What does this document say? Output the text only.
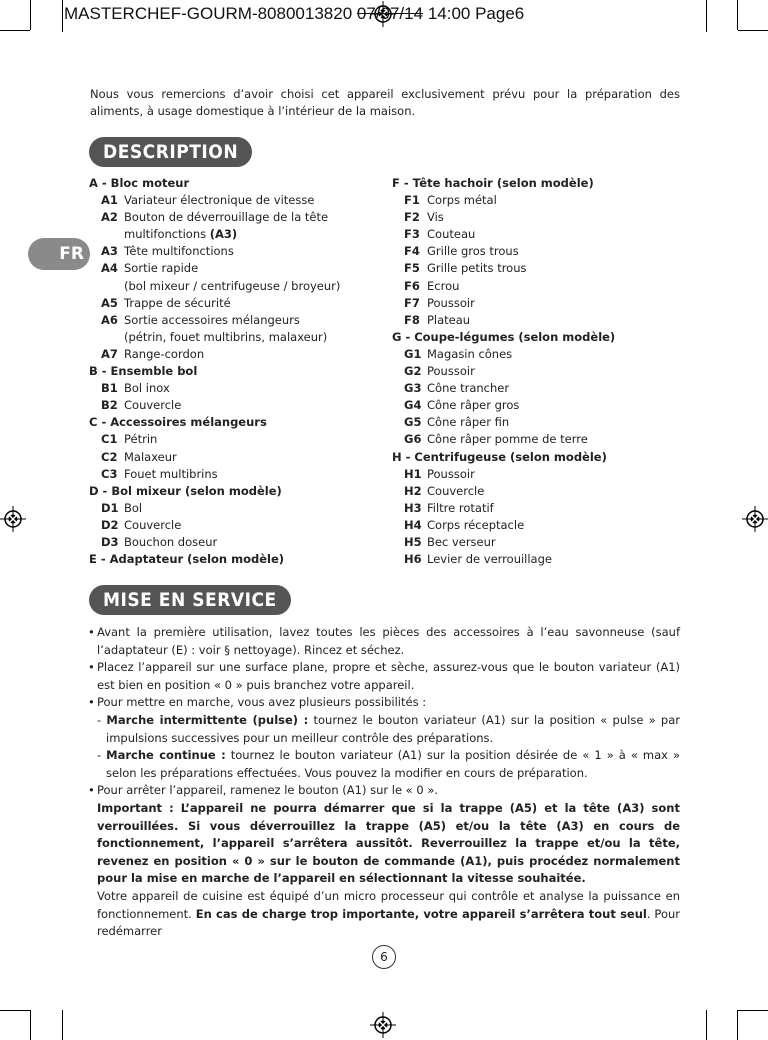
MASTERCHEF-GOURM-8080013820 07/07/14 14:00 Page6
Nous vous remercions d’avoir choisi cet appareil exclusivement prévu pour la préparation des aliments, à usage domestique à l’intérieur de la maison.
DESCRIPTION
FR
A - Bloc moteur
A1 Variateur électronique de vitesse
A2 Bouton de déverrouillage de la tête
multifonctions (A3)
A3 Tête multifonctions
A4 Sortie rapide
(bol mixeur / centrifugeuse / broyeur)
A5 Trappe de sécurité
A6 Sortie accessoires mélangeurs
(pétrin, fouet multibrins, malaxeur)
A7 Range-cordon
B - Ensemble bol
B1 Bol inox
B2 Couvercle
C - Accessoires mélangeurs
C1 Pétrin
C2 Malaxeur
C3 Fouet multibrins
D - Bol mixeur (selon modèle)
D1 Bol
D2 Couvercle
D3 Bouchon doseur
E - Adaptateur (selon modèle)
F - Tête hachoir (selon modèle)
F1 Corps métal
F2 Vis
F3 Couteau
F4 Grille gros trous
F5 Grille petits trous
F6 Ecrou
F7 Poussoir
F8 Plateau
G - Coupe-légumes (selon modèle)
G1 Magasin cônes
G2 Poussoir
G3 Cône trancher
G4 Cône râper gros
G5 Cône râper fin
G6 Cône râper pomme de terre
H - Centrifugeuse (selon modèle)
H1 Poussoir
H2 Couvercle
H3 Filtre rotatif
H4 Corps réceptacle
H5 Bec verseur
H6 Levier de verrouillage
MISE EN SERVICE
• Avant la première utilisation, lavez toutes les pièces des accessoires à l’eau savonneuse (sauf l’adaptateur (E) : voir § nettoyage). Rincez et séchez.
• Placez l’appareil sur une surface plane, propre et sèche, assurez-vous que le bouton variateur (A1) est bien en position « 0 » puis branchez votre appareil.
• Pour mettre en marche, vous avez plusieurs possibilités :
- Marche intermittente (pulse) : tournez le bouton variateur (A1) sur la position « pulse » par impulsions successives pour un meilleur contrôle des préparations.
- Marche continue : tournez le bouton variateur (A1) sur la position désirée de « 1 » à « max » selon les préparations effectuées. Vous pouvez la modifier en cours de préparation.
• Pour arrêter l’appareil, ramenez le bouton (A1) sur le « 0 ».
Important : L’appareil ne pourra démarrer que si la trappe (A5) et la tête (A3) sont verrouillées. Si vous déverrouillez la trappe (A5) et/ou la tête (A3) en cours de fonctionnement, l’appareil s’arrêtera aussitôt. Reverrouillez la trappe et/ou la tête, revenez en position « 0 » sur le bouton de commande (A1), puis procédez normalement pour la mise en marche de l’appareil en sélectionnant la vitesse souhaitée.
Votre appareil de cuisine est équipé d’un micro processeur qui contrôle et analyse la puissance en fonctionnement. En cas de charge trop importante, votre appareil s’arrêtera tout seul. Pour redémarrer
6
